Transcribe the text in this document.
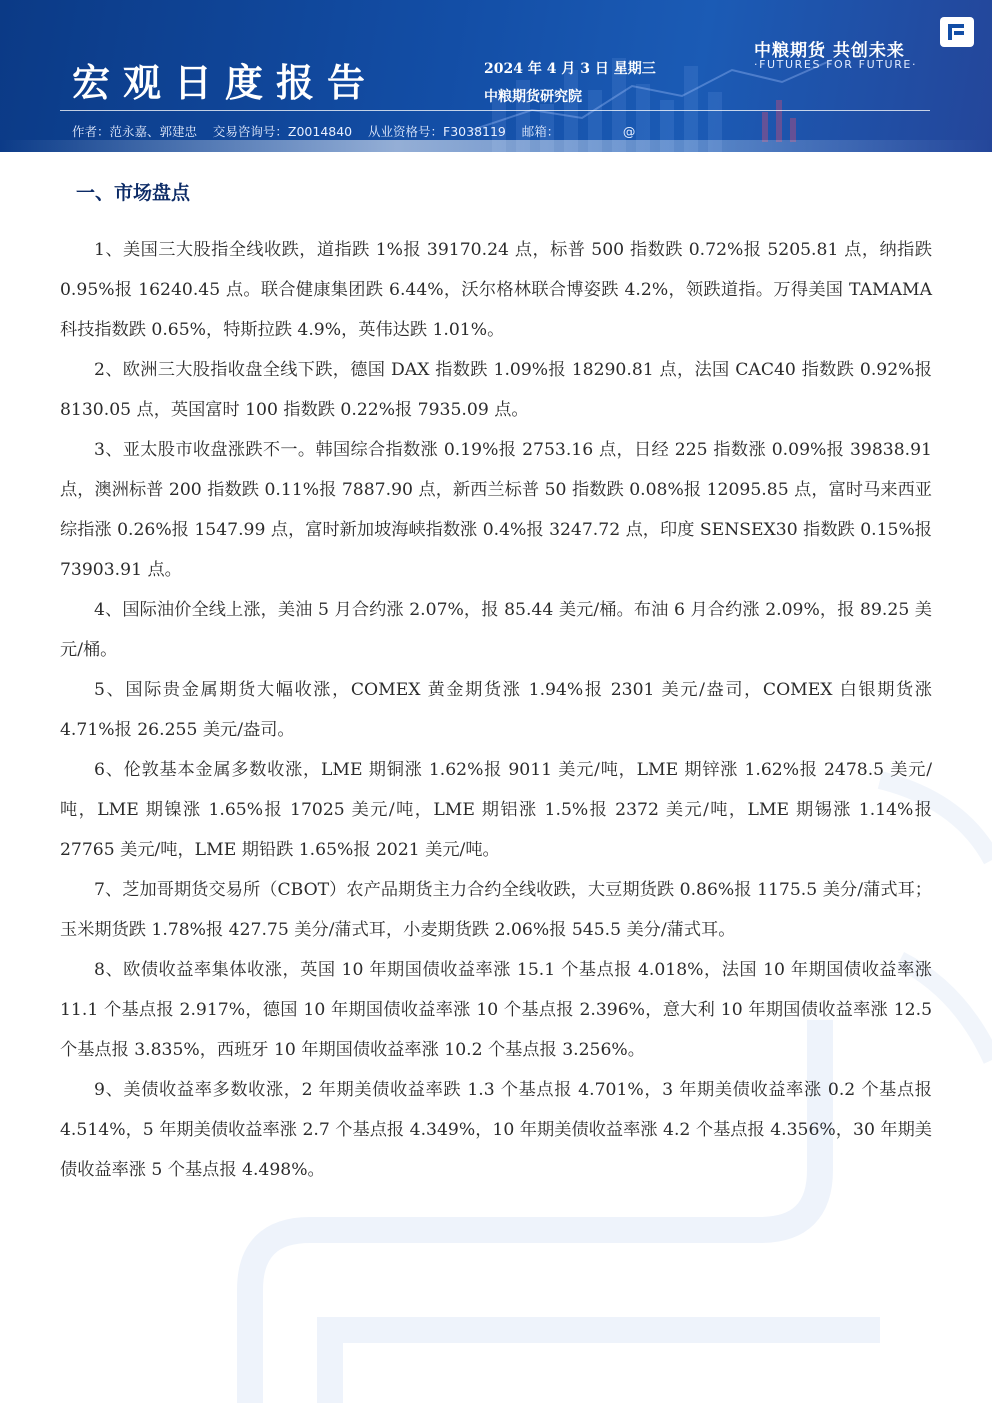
宏观日度报告	2024 年 4 月 3 日 星期三
中粮期货研究院
中粮期货 共创未来
·FUTURES FOR FUTURE·
作者：范永嘉、郭建忠    交易咨询号：Z0014840    从业资格号：F3038119    邮箱：                @
一、市场盘点

1、美国三大股指全线收跌，道指跌 1%报 39170.24 点，标普 500 指数跌 0.72%报 5205.81 点，纳指跌 0.95%报 16240.45 点。联合健康集团跌 6.44%，沃尔格林联合博姿跌 4.2%，领跌道指。万得美国 TAMAMA 科技指数跌 0.65%，特斯拉跌 4.9%，英伟达跌 1.01%。

2、欧洲三大股指收盘全线下跌，德国 DAX 指数跌 1.09%报 18290.81 点，法国 CAC40 指数跌 0.92%报 8130.05 点，英国富时 100 指数跌 0.22%报 7935.09 点。

3、亚太股市收盘涨跌不一。韩国综合指数涨 0.19%报 2753.16 点，日经 225 指数涨 0.09%报 39838.91 点，澳洲标普 200 指数跌 0.11%报 7887.90 点，新西兰标普 50 指数跌 0.08%报 12095.85 点，富时马来西亚综指涨 0.26%报 1547.99 点，富时新加坡海峡指数涨 0.4%报 3247.72 点，印度 SENSEX30 指数跌 0.15%报 73903.91 点。

4、国际油价全线上涨，美油 5 月合约涨 2.07%，报 85.44 美元/桶。布油 6 月合约涨 2.09%，报 89.25 美元/桶。

5、国际贵金属期货大幅收涨，COMEX 黄金期货涨 1.94%报 2301 美元/盎司，COMEX 白银期货涨 4.71%报 26.255 美元/盎司。

6、伦敦基本金属多数收涨，LME 期铜涨 1.62%报 9011 美元/吨，LME 期锌涨 1.62%报 2478.5 美元/吨，LME 期镍涨 1.65%报 17025 美元/吨，LME 期铝涨 1.5%报 2372 美元/吨，LME 期锡涨 1.14%报 27765 美元/吨，LME 期铅跌 1.65%报 2021 美元/吨。

7、芝加哥期货交易所（CBOT）农产品期货主力合约全线收跌，大豆期货跌 0.86%报 1175.5 美分/蒲式耳；玉米期货跌 1.78%报 427.75 美分/蒲式耳，小麦期货跌 2.06%报 545.5 美分/蒲式耳。

8、欧债收益率集体收涨，英国 10 年期国债收益率涨 15.1 个基点报 4.018%，法国 10 年期国债收益率涨 11.1 个基点报 2.917%，德国 10 年期国债收益率涨 10 个基点报 2.396%，意大利 10 年期国债收益率涨 12.5 个基点报 3.835%，西班牙 10 年期国债收益率涨 10.2 个基点报 3.256%。

9、美债收益率多数收涨，2 年期美债收益率跌 1.3 个基点报 4.701%，3 年期美债收益率涨 0.2 个基点报 4.514%，5 年期美债收益率涨 2.7 个基点报 4.349%，10 年期美债收益率涨 4.2 个基点报 4.356%，30 年期美债收益率涨 5 个基点报 4.498%。
